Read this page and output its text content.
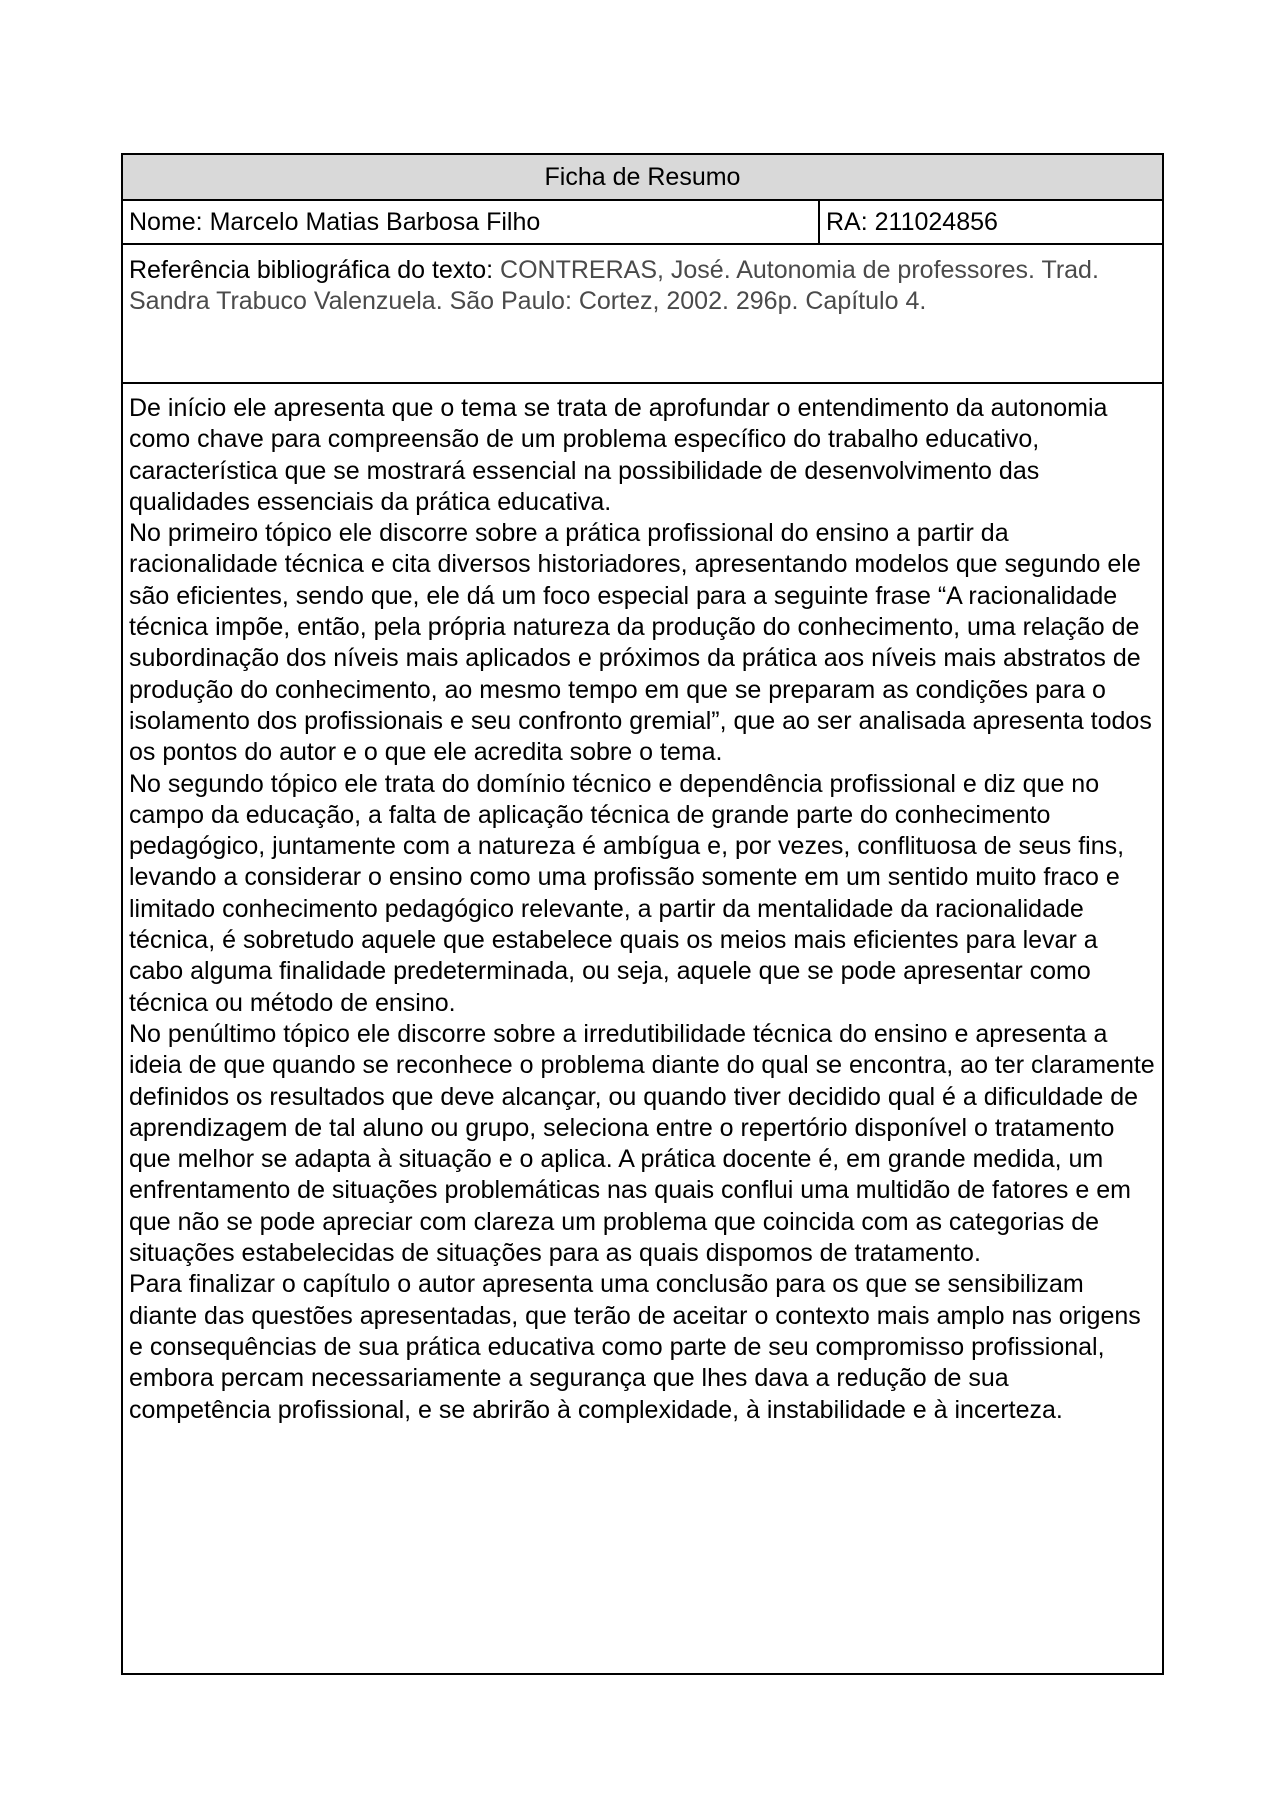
Ficha de Resumo
Nome: Marcelo Matias Barbosa Filho	RA: 211024856
Referência bibliográfica do texto: CONTRERAS, José. Autonomia de professores. Trad. Sandra Trabuco Valenzuela. São Paulo: Cortez, 2002. 296p. Capítulo 4.

De início ele apresenta que o tema se trata de aprofundar o entendimento da autonomia como chave para compreensão de um problema específico do trabalho educativo, característica que se mostrará essencial na possibilidade de desenvolvimento das qualidades essenciais da prática educativa.

No primeiro tópico ele discorre sobre a prática profissional do ensino a partir da racionalidade técnica e cita diversos historiadores, apresentando modelos que segundo ele são eficientes, sendo que, ele dá um foco especial para a seguinte frase “A racionalidade técnica impõe, então, pela própria natureza da produção do conhecimento, uma relação de subordinação dos níveis mais aplicados e próximos da prática aos níveis mais abstratos de produção do conhecimento, ao mesmo tempo em que se preparam as condições para o isolamento dos profissionais e seu confronto gremial”, que ao ser analisada apresenta todos os pontos do autor e o que ele acredita sobre o tema.

No segundo tópico ele trata do domínio técnico e dependência profissional e diz que no campo da educação, a falta de aplicação técnica de grande parte do conhecimento pedagógico, juntamente com a natureza é ambígua e, por vezes, conflituosa de seus fins, levando a considerar o ensino como uma profissão somente em um sentido muito fraco e limitado conhecimento pedagógico relevante, a partir da mentalidade da racionalidade técnica, é sobretudo aquele que estabelece quais os meios mais eficientes para levar a cabo alguma finalidade predeterminada, ou seja, aquele que se pode apresentar como técnica ou método de ensino.

No penúltimo tópico ele discorre sobre a irredutibilidade técnica do ensino e apresenta a ideia de que quando se reconhece o problema diante do qual se encontra, ao ter claramente definidos os resultados que deve alcançar, ou quando tiver decidido qual é a dificuldade de aprendizagem de tal aluno ou grupo, seleciona entre o repertório disponível o tratamento que melhor se adapta à situação e o aplica. A prática docente é, em grande medida, um enfrentamento de situações problemáticas nas quais conflui uma multidão de fatores e em que não se pode apreciar com clareza um problema que coincida com as categorias de situações estabelecidas de situações para as quais dispomos de tratamento.

Para finalizar o capítulo o autor apresenta uma conclusão para os que se sensibilizam diante das questões apresentadas, que terão de aceitar o contexto mais amplo nas origens e consequências de sua prática educativa como parte de seu compromisso profissional, embora percam necessariamente a segurança que lhes dava a redução de sua competência profissional, e se abrirão à complexidade, à instabilidade e à incerteza.
